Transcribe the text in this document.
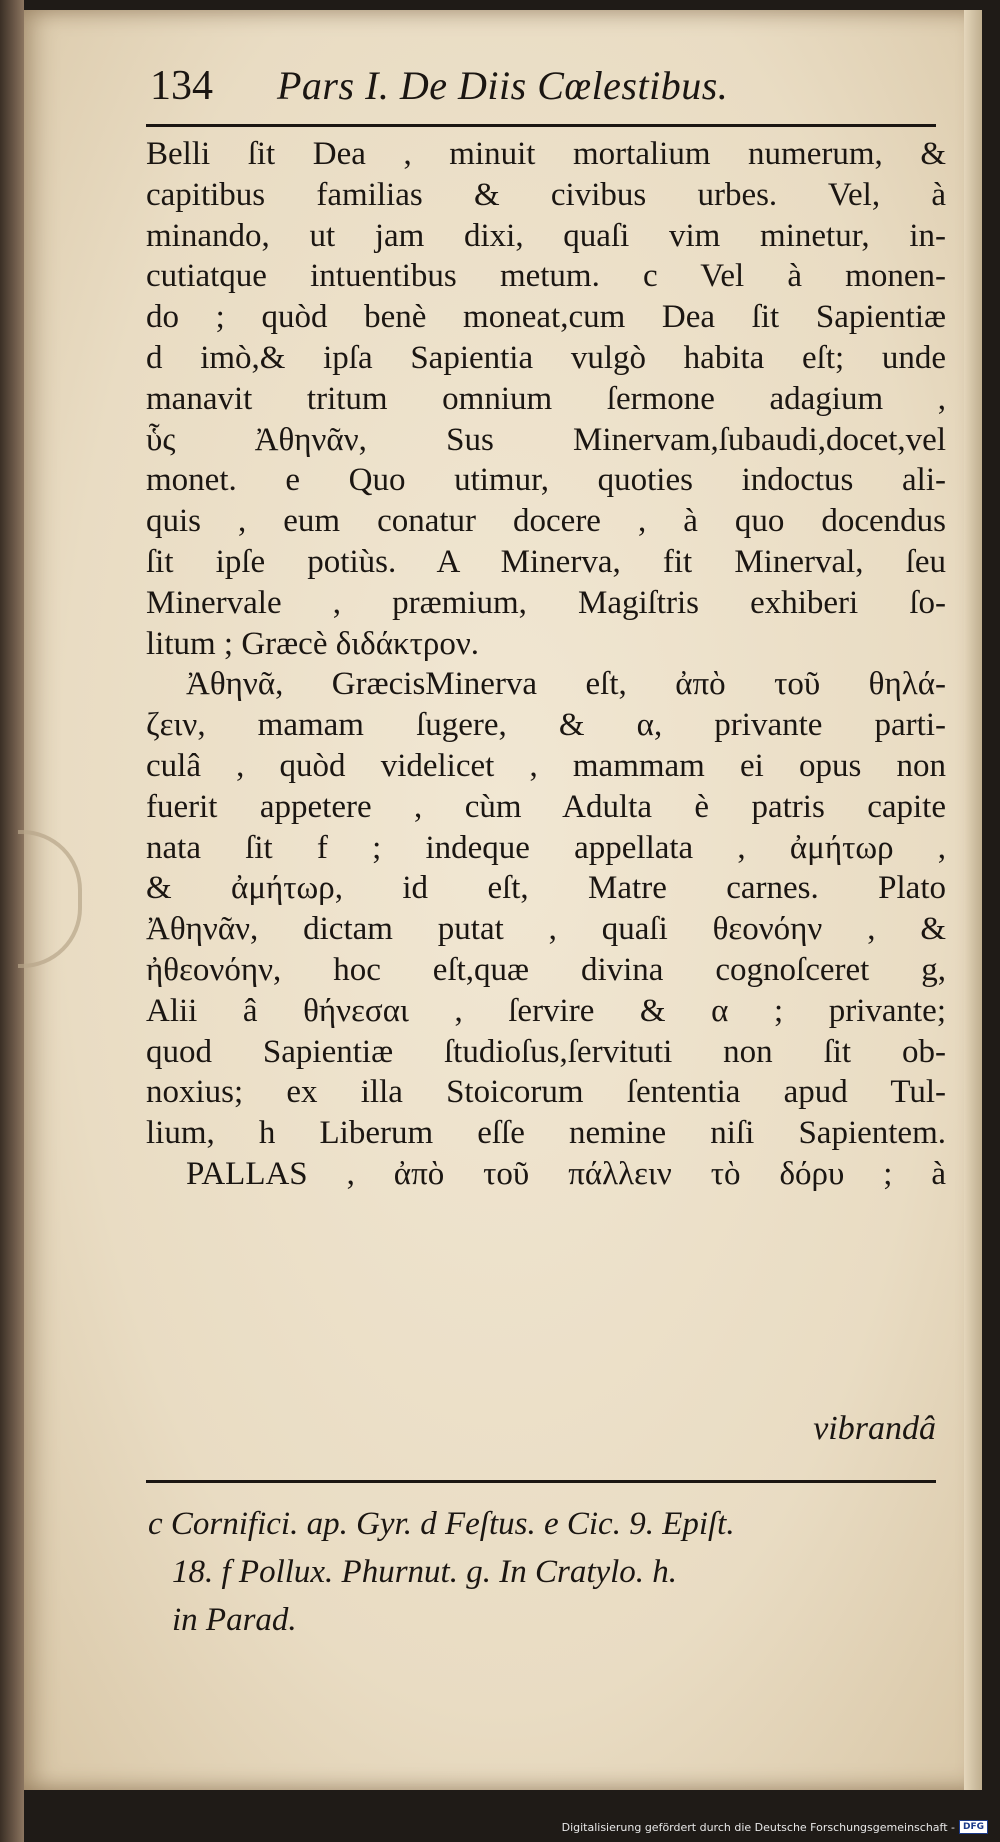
134 Pars I. De Diis Cœlestibus.
Belli ſit Dea , minuit mortalium numerum, &
capitibus familias & civibus urbes. Vel, à
minando, ut jam dixi, quaſi vim minetur, in-
cutiatque intuentibus metum. c Vel à monen-
do ; quòd benè moneat,cum Dea ſit Sapientiæ
d imò,& ipſa Sapientia vulgò habita eſt; unde
manavit tritum omnium ſermone adagium ,
ὗς Ἀθηνᾶν, Sus Minervam,ſubaudi,docet,vel
monet. e Quo utimur, quoties indoctus ali-
quis , eum conatur docere , à quo docendus
ſit ipſe potiùs. A Minerva, fit Minerval, ſeu
Minervale , præmium, Magiſtris exhiberi ſo-
litum ; Græcè διδάκτρον.
Ἀθηνᾶ, GræcisMinerva eſt, ἀπὸ τοῦ θηλά-
ζειν, mamam ſugere, & α, privante parti-
culâ , quòd videlicet , mammam ei opus non
fuerit appetere , cùm Adulta è patris capite
nata ſit f ; indeque appellata , ἀμήτωρ ,
& ἀμήτωρ, id eſt, Matre carnes. Plato
Ἀθηνᾶν, dictam putat , quaſi θεονόην , &
ἠθεονόην, hoc eſt,quæ divina cognoſceret g,
Alii â θήνεσαι , ſervire & α ; privante;
quod Sapientiæ ſtudioſus,ſervituti non ſit ob-
noxius; ex illa Stoicorum ſententia apud Tul-
lium, h Liberum eſſe nemine niſi Sapientem.
PALLAS , ἀπὸ τοῦ πάλλειν τὸ δόρυ ; à
vibrandâ
c Cornifici. ap. Gyr. d Feſtus. e Cic. 9. Epiſt.
18. f Pollux. Phurnut. g. In Cratylo. h.
in Parad.
Digitalisierung gefördert durch die Deutsche Forschungsgemeinschaft - DFG
